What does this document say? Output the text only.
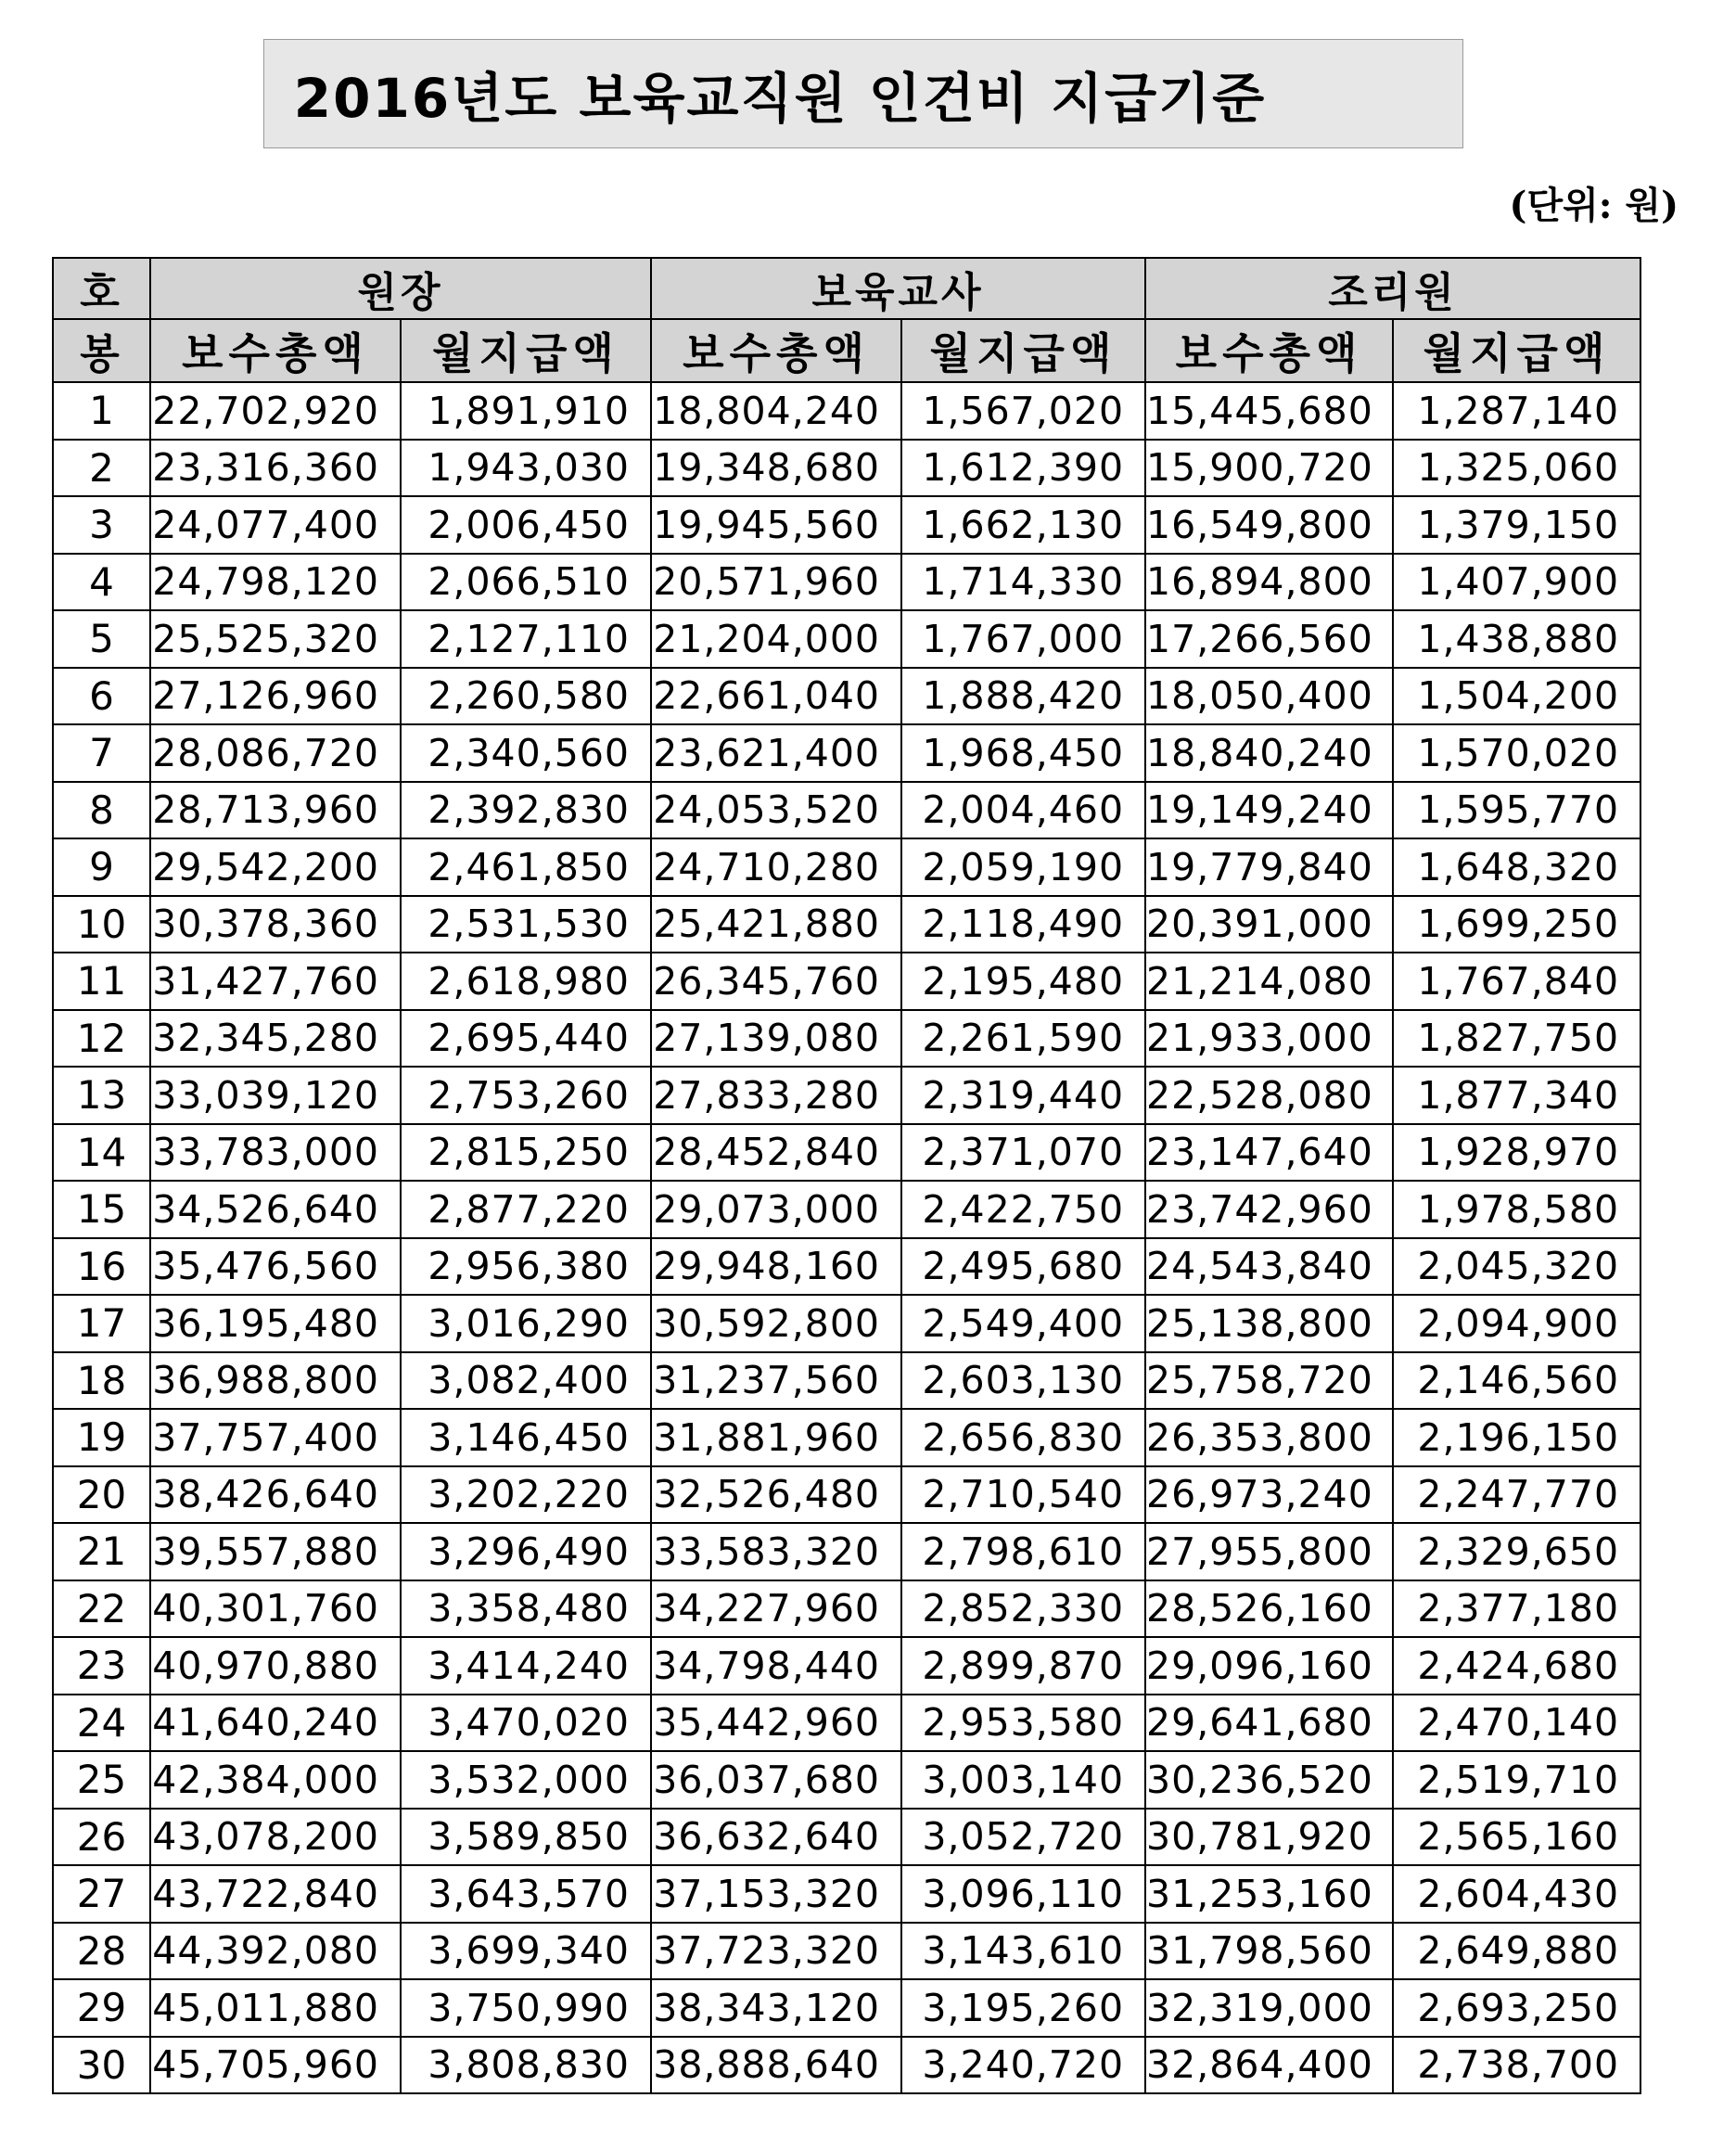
2016년도 보육교직원 인건비 지급기준
(단위: 원)
호	원장		보육교사		조리원	
봉	보수총액	월지급액	보수총액	월지급액	보수총액	월지급액
1	22,702,920	1,891,910	18,804,240	1,567,020	15,445,680	1,287,140
2	23,316,360	1,943,030	19,348,680	1,612,390	15,900,720	1,325,060
3	24,077,400	2,006,450	19,945,560	1,662,130	16,549,800	1,379,150
4	24,798,120	2,066,510	20,571,960	1,714,330	16,894,800	1,407,900
5	25,525,320	2,127,110	21,204,000	1,767,000	17,266,560	1,438,880
6	27,126,960	2,260,580	22,661,040	1,888,420	18,050,400	1,504,200
7	28,086,720	2,340,560	23,621,400	1,968,450	18,840,240	1,570,020
8	28,713,960	2,392,830	24,053,520	2,004,460	19,149,240	1,595,770
9	29,542,200	2,461,850	24,710,280	2,059,190	19,779,840	1,648,320
10	30,378,360	2,531,530	25,421,880	2,118,490	20,391,000	1,699,250
11	31,427,760	2,618,980	26,345,760	2,195,480	21,214,080	1,767,840
12	32,345,280	2,695,440	27,139,080	2,261,590	21,933,000	1,827,750
13	33,039,120	2,753,260	27,833,280	2,319,440	22,528,080	1,877,340
14	33,783,000	2,815,250	28,452,840	2,371,070	23,147,640	1,928,970
15	34,526,640	2,877,220	29,073,000	2,422,750	23,742,960	1,978,580
16	35,476,560	2,956,380	29,948,160	2,495,680	24,543,840	2,045,320
17	36,195,480	3,016,290	30,592,800	2,549,400	25,138,800	2,094,900
18	36,988,800	3,082,400	31,237,560	2,603,130	25,758,720	2,146,560
19	37,757,400	3,146,450	31,881,960	2,656,830	26,353,800	2,196,150
20	38,426,640	3,202,220	32,526,480	2,710,540	26,973,240	2,247,770
21	39,557,880	3,296,490	33,583,320	2,798,610	27,955,800	2,329,650
22	40,301,760	3,358,480	34,227,960	2,852,330	28,526,160	2,377,180
23	40,970,880	3,414,240	34,798,440	2,899,870	29,096,160	2,424,680
24	41,640,240	3,470,020	35,442,960	2,953,580	29,641,680	2,470,140
25	42,384,000	3,532,000	36,037,680	3,003,140	30,236,520	2,519,710
26	43,078,200	3,589,850	36,632,640	3,052,720	30,781,920	2,565,160
27	43,722,840	3,643,570	37,153,320	3,096,110	31,253,160	2,604,430
28	44,392,080	3,699,340	37,723,320	3,143,610	31,798,560	2,649,880
29	45,011,880	3,750,990	38,343,120	3,195,260	32,319,000	2,693,250
30	45,705,960	3,808,830	38,888,640	3,240,720	32,864,400	2,738,700
